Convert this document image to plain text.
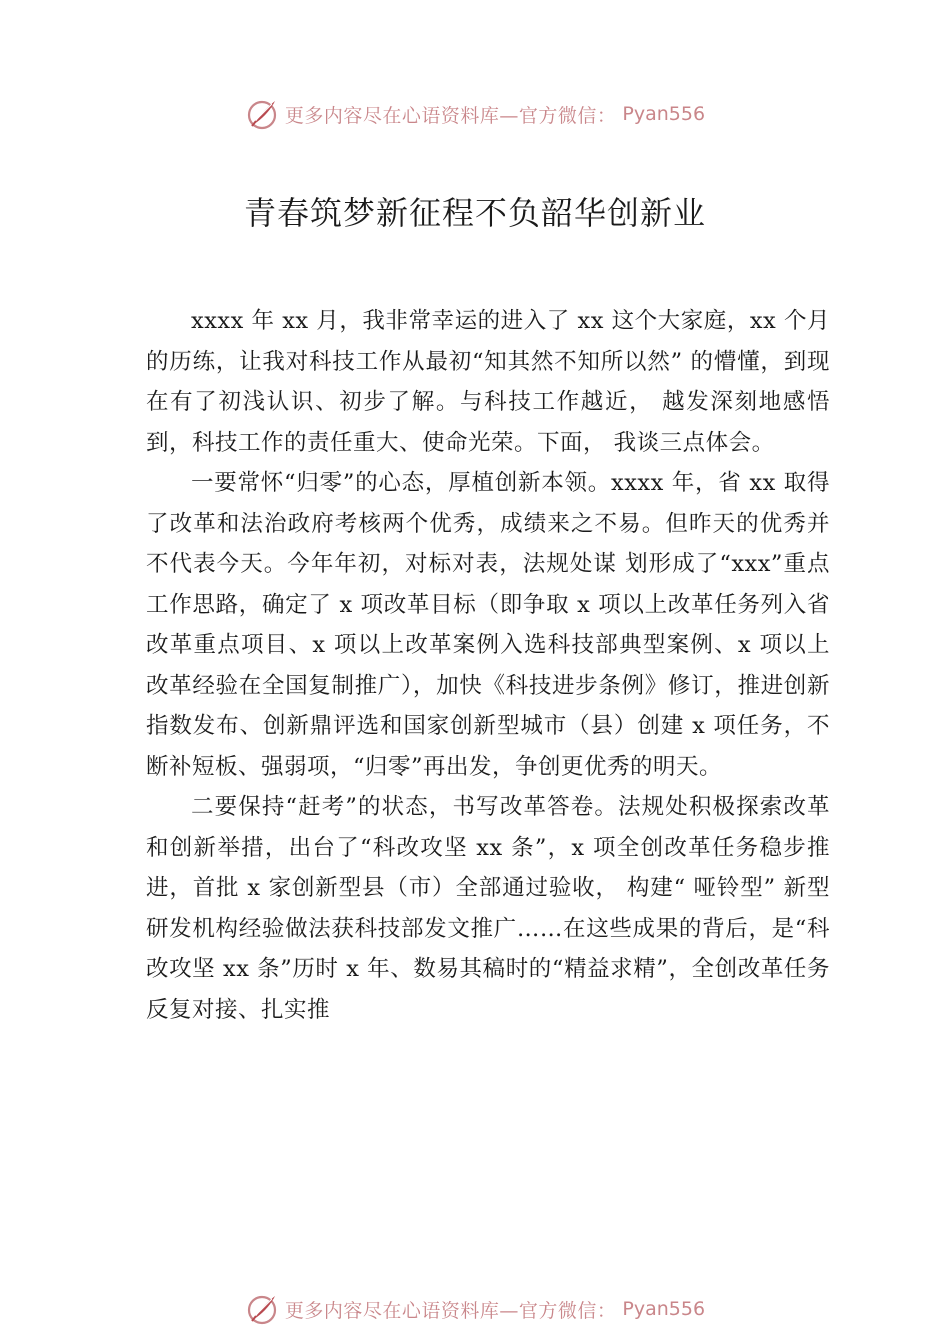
更多内容尽在心语资料库—官方微信： Pyan556
青春筑梦新征程不负韶华创新业

xxxx 年 xx 月，我非常幸运的进入了 xx 这个大家庭，xx 个月的历练，让我对科技工作从最初“知其然不知所以然” 的懵懂，到现在有了初浅认识、初步了解。与科技工作越近， 越发深刻地感悟到，科技工作的责任重大、使命光荣。下面， 我谈三点体会。

一要常怀“归零”的心态，厚植创新本领。xxxx 年，省 xx 取得了改革和法治政府考核两个优秀，成绩来之不易。但昨天的优秀并不代表今天。今年年初，对标对表，法规处谋 划形成了“xxx”重点工作思路，确定了 x 项改革目标（即争取 x 项以上改革任务列入省改革重点项目、x 项以上改革案例入选科技部典型案例、x 项以上改革经验在全国复制推广），加快《科技进步条例》修订，推进创新指数发布、创新鼎评选和国家创新型城市（县）创建 x 项任务，不断补短板、强弱项，“归零”再出发，争创更优秀的明天。

二要保持“赶考”的状态，书写改革答卷。法规处积极探索改革和创新举措，出台了“科改攻坚 xx 条”，x 项全创改革任务稳步推进，首批 x 家创新型县（市）全部通过验收， 构建“ 哑铃型” 新型研发机构经验做法获科技部发文推广……在这些成果的背后，是“科改攻坚 xx 条”历时 x 年、数易其稿时的“精益求精”，全创改革任务反复对接、扎实推

更多内容尽在心语资料库—官方微信： Pyan556
